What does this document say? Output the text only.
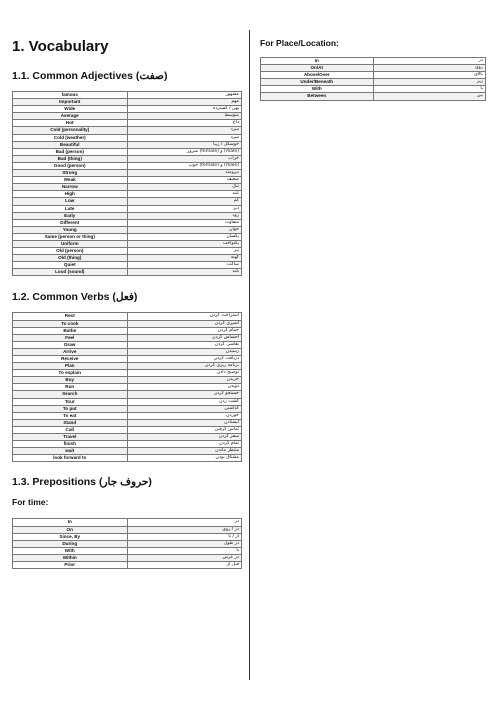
1. Vocabulary
1.1. Common Adjectives (صفت)
famous	مشهور
Important	مهم
Wide	پهن / گسترده
Average	متوسط
Hot	داغ
Cold (personality)	سرد
Cold (weather)	سرد
Beautiful	خوشگل / زیبا
Bad (person)	شرور (female) و (male)
Bad (thing)	خراب
Good (person)	خوب (female) و (male)
Strong	نیرومند
Weak	ضعیف
Narrow	تنگ
High	بلند
Low	کم
Late	دیر
Early	زود
Different	متفاوت
Young	جوان
Same (person or thing)	یکسان
Uniform	یکنواخت
Old (person)	پیر
Old (thing)	کهنه
Quiet	ساکت
Loud (sound)	بلند
1.2. Common Verbs (فعل)
Rest	استراحت کردن
To cook	آشپزی کردن
Bathe	حمام کردن
Feel	احساس کردن
Draw	نقاشی کردن
Arrive	رسیدن
Receive	دریافت کردن
Plan	برنامه ریزی کردن
To explain	توضیح دادن
Buy	خریدن
Run	دویدن
Search	جستجو کردن
Tour	گشت زدن
To put	گذاشتن
To eat	خوردن
Stand	ایستادن
Call	تماس گرفتن
Travel	سفر کردن
finish	تمام کردن
wait	منتظر ماندن
look forward to	مشتاق بودن
1.3. Prepositions (حروف جار)
For time:
In	در
On	در / روی
Since, By	از / تا
During	در طول
With	با
Within	در عرض
Prior	قبل از
For Place/Location:
In	در
On/At	روی
Above/Over	بالای
Under/Beneath	زیر
With	با
Between	بین
